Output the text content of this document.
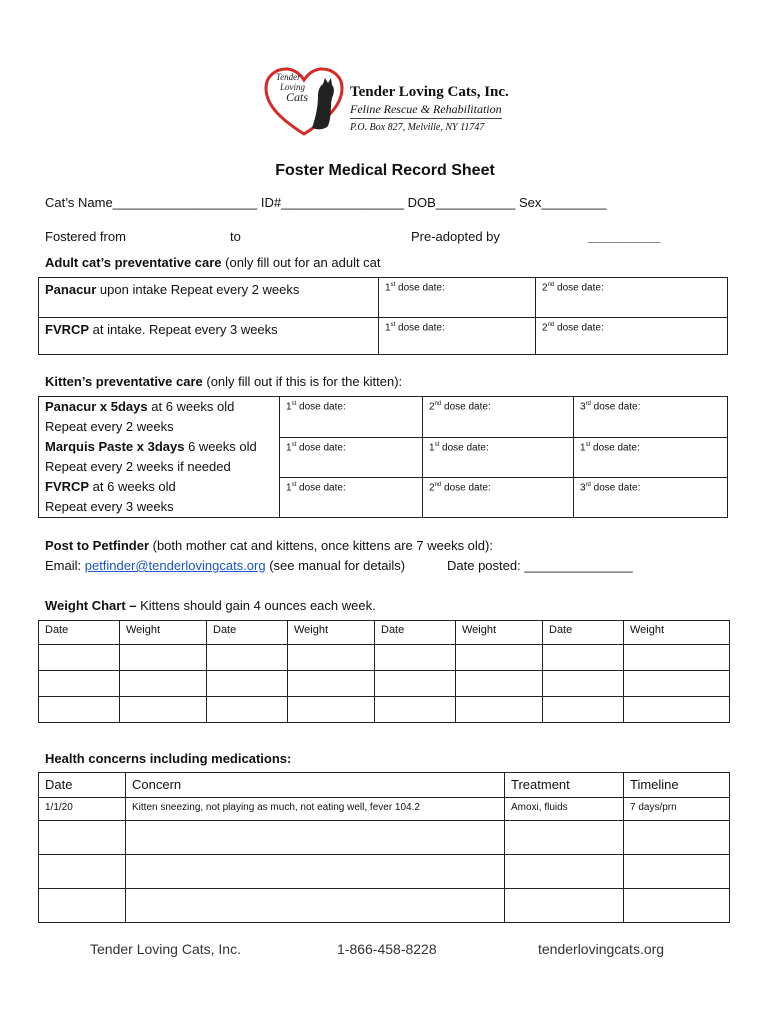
Tender
Loving
Cats	Tender Loving Cats, Inc.
Feline Rescue & Rehabilitation
P.O. Box 827, Melville, NY 11747
Foster Medical Record Sheet
Cat’s Name____________________ ID#_________________ DOB___________ Sex_________
Fostered from	to	Pre-adopted by	__________
Adult cat’s preventative care (only fill out for an adult cat
Panacur upon intake Repeat every 2 weeks	1st dose date:	2nd dose date:

FVRCP at intake. Repeat every 3 weeks	1st dose date:	2nd dose date:
Kitten’s preventative care (only fill out if this is for the kitten):
Panacur x 5days at 6 weeks old
Repeat every 2 weeks	1st dose date:	2nd dose date:	3rd dose date:

Marquis Paste x 3days 6 weeks old
Repeat every 2 weeks if needed	1st dose date:	1st dose date:	1st dose date:

FVRCP at 6 weeks old
Repeat every 3 weeks	1st dose date:	2nd dose date:	3rd dose date:
Post to Petfinder (both mother cat and kittens, once kittens are 7 weeks old):
Email: petfinder@tenderlovingcats.org (see manual for details)	Date posted: _______________
Weight Chart – Kittens should gain 4 ounces each week.
Date	Weight	Date	Weight	Date	Weight	Date	Weight

Health concerns including medications:
Date	Concern	Treatment	Timeline

1/1/20	Kitten sneezing, not playing as much, not eating well, fever 104.2	Amoxi, fluids	7 days/prn

Tender Loving Cats, Inc.	1-866-458-8228	tenderlovingcats.org
